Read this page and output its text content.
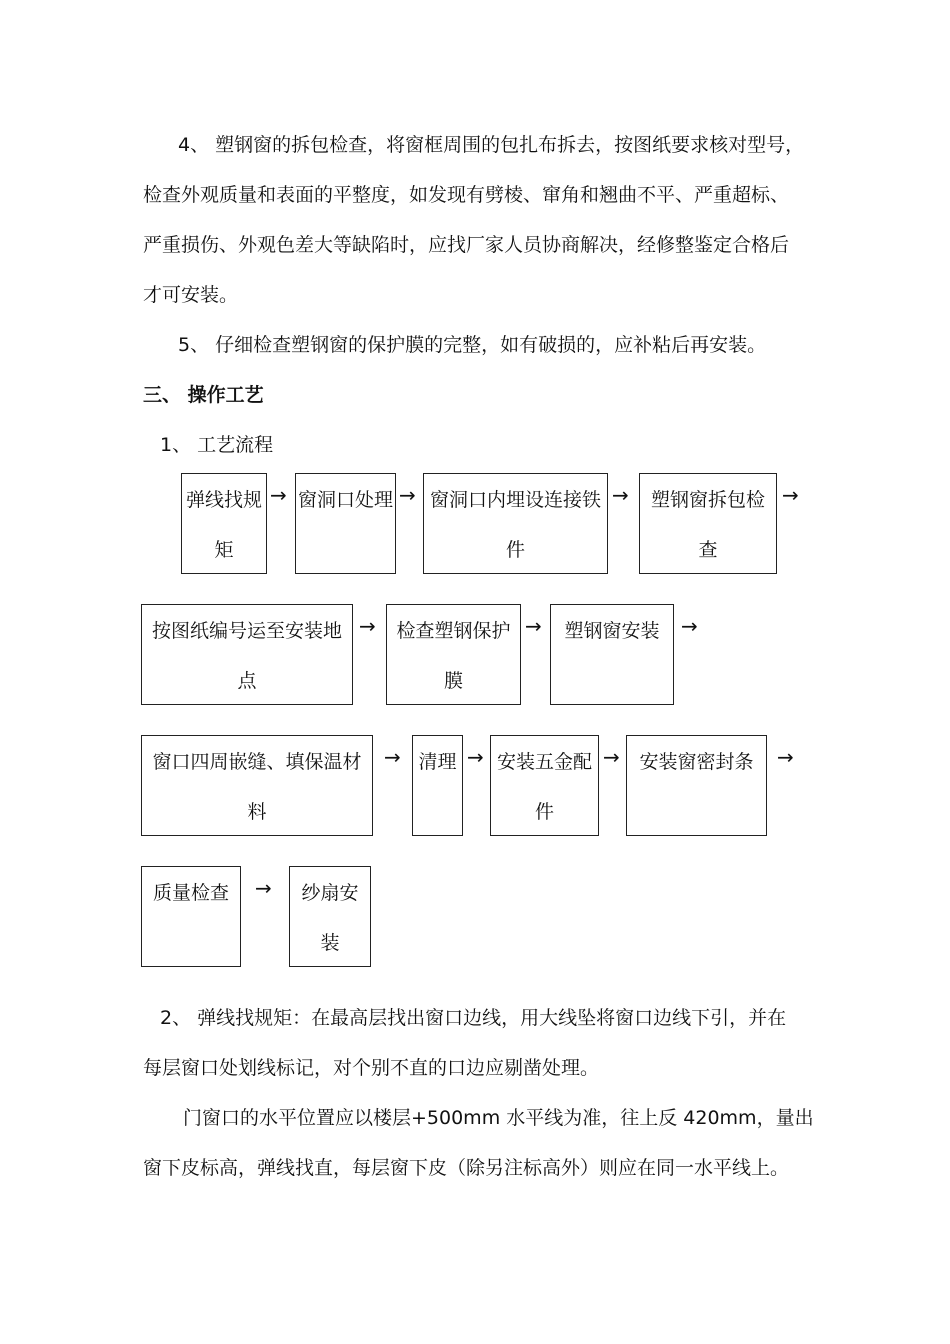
4、 塑钢窗的拆包检查，将窗框周围的包扎布拆去，按图纸要求核对型号，
检查外观质量和表面的平整度，如发现有劈棱、窜角和翘曲不平、严重超标、
严重损伤、外观色差大等缺陷时，应找厂家人员协商解决，经修整鉴定合格后
才可安装。
5、 仔细检查塑钢窗的保护膜的完整，如有破损的，应补粘后再安装。
三、 操作工艺
1、 工艺流程
弹线找规
矩
→ 窗洞口处理 → 窗洞口内埋设连接铁
件
→	塑钢窗拆包检
查
→
按图纸编号运至安装地
点
→	检查塑钢保护
膜
→	塑钢窗安装	→
窗口四周嵌缝、填保温材
料
→ 清理 → 安装五金配
件
→	安装窗密封条	→
质量检查	→	纱扇安
装
2、 弹线找规矩：在最高层找出窗口边线，用大线坠将窗口边线下引，并在
每层窗口处划线标记，对个别不直的口边应剔凿处理。
门窗口的水平位置应以楼层+500mm 水平线为准，往上反 420mm，量出
窗下皮标高，弹线找直，每层窗下皮（除另注标高外）则应在同一水平线上。
